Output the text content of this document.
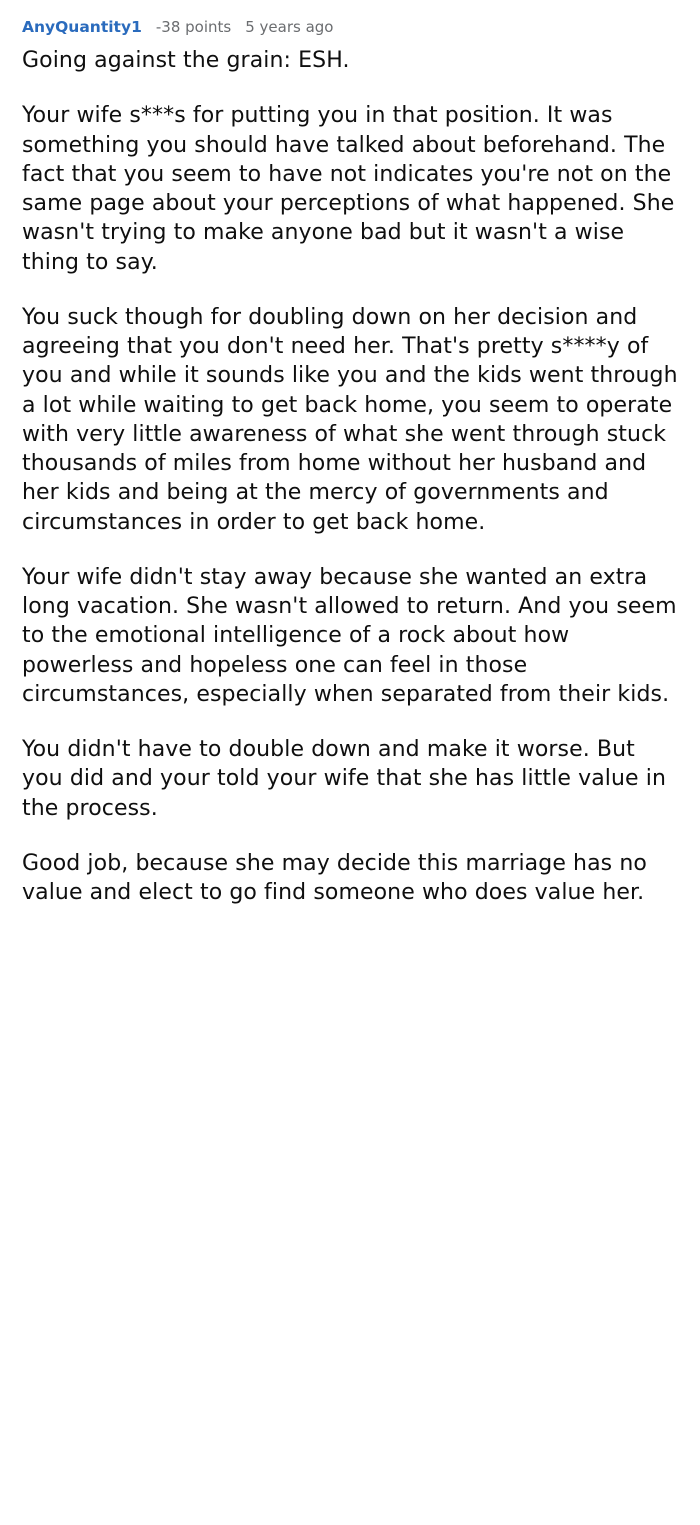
AnyQuantity1 -38 points 5 years ago

Going against the grain: ESH.

Your wife s***s for putting you in that position. It was something you should have talked about beforehand. The fact that you seem to have not indicates you're not on the same page about your perceptions of what happened. She wasn't trying to make anyone bad but it wasn't a wise thing to say.

You suck though for doubling down on her decision and agreeing that you don't need her. That's pretty s****y of you and while it sounds like you and the kids went through a lot while waiting to get back home, you seem to operate with very little awareness of what she went through stuck thousands of miles from home without her husband and her kids and being at the mercy of governments and circumstances in order to get back home.

Your wife didn't stay away because she wanted an extra long vacation. She wasn't allowed to return. And you seem to the emotional intelligence of a rock about how powerless and hopeless one can feel in those circumstances, especially when separated from their kids.

You didn't have to double down and make it worse. But you did and your told your wife that she has little value in the process.

Good job, because she may decide this marriage has no value and elect to go find someone who does value her.
